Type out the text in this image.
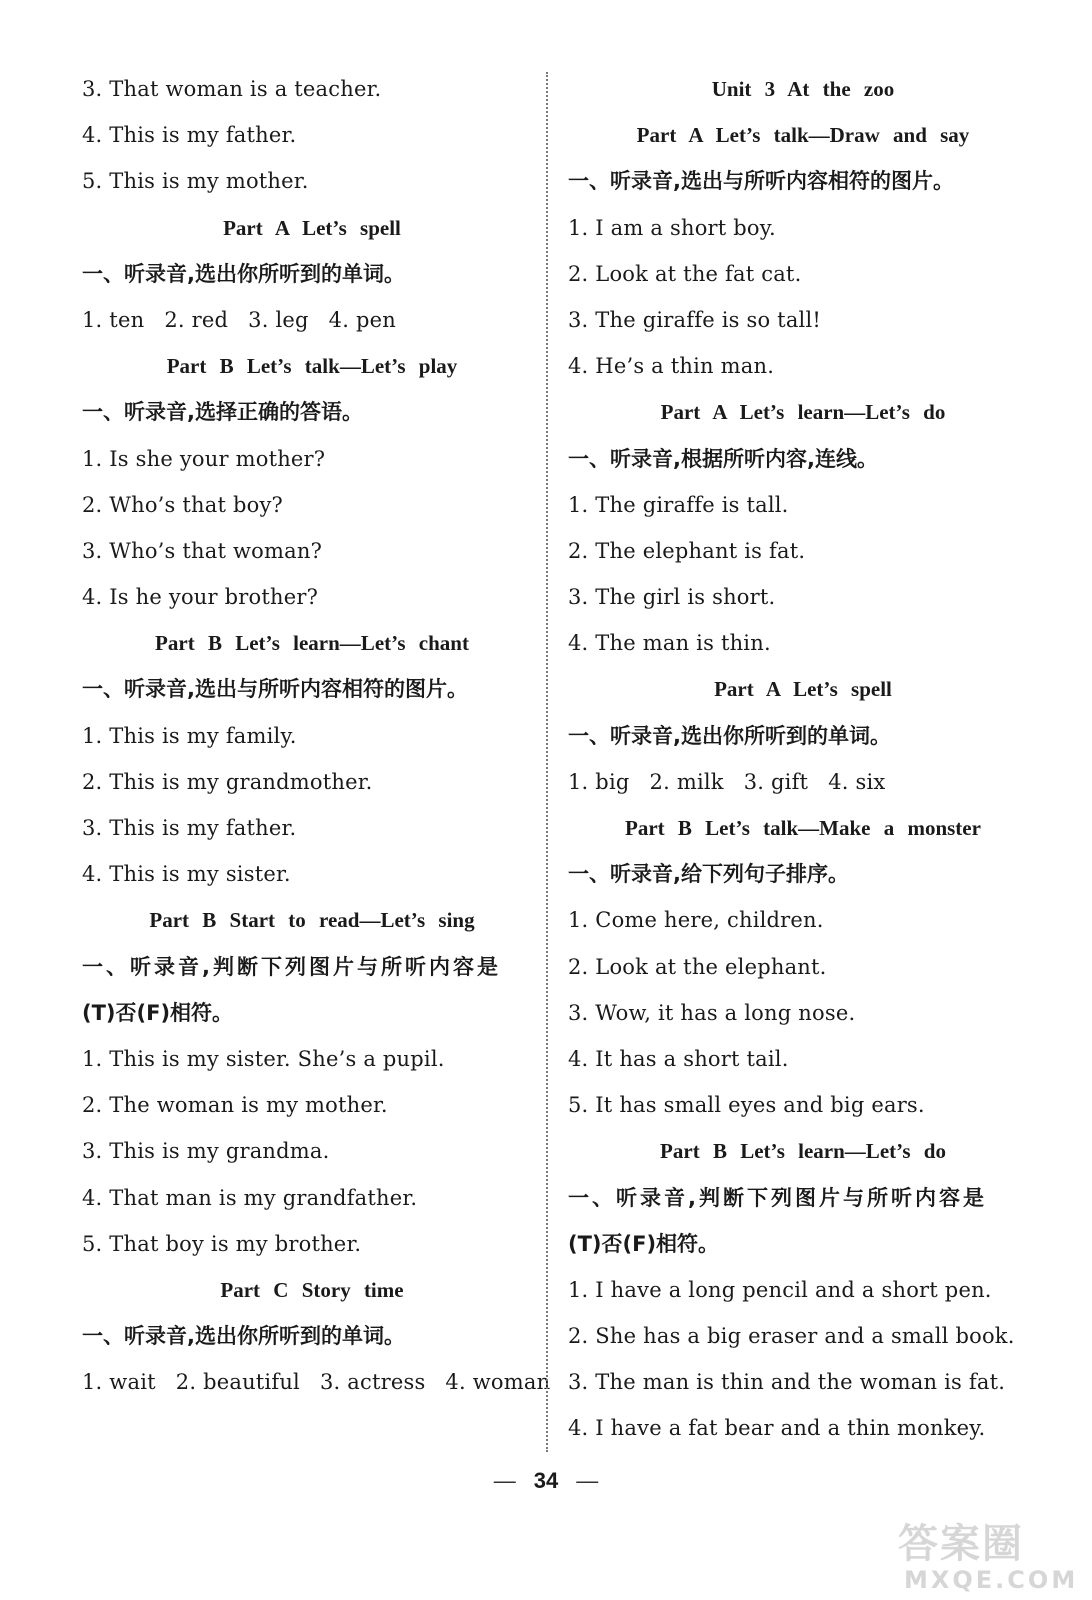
3. That woman is a teacher.
4. This is my father.
5. This is my mother.
Part A Let’s spell
一、听录音,选出你所听到的单词。
1. ten 2. red 3. leg 4. pen
Part B Let’s talk—Let’s play
一、听录音,选择正确的答语。
1. Is she your mother?
2. Who’s that boy?
3. Who’s that woman?
4. Is he your brother?
Part B Let’s learn—Let’s chant
一、听录音,选出与所听内容相符的图片。
1. This is my family.
2. This is my grandmother.
3. This is my father.
4. This is my sister.
Part B Start to read—Let’s sing
一、听录音,判断下列图片与所听内容是
(T)否(F)相符。
1. This is my sister. She’s a pupil.
2. The woman is my mother.
3. This is my grandma.
4. That man is my grandfather.
5. That boy is my brother.
Part C Story time
一、听录音,选出你所听到的单词。
1. wait 2. beautiful 3. actress 4. woman
Unit 3 At the zoo
Part A Let’s talk—Draw and say
一、听录音,选出与所听内容相符的图片。
1. I am a short boy.
2. Look at the fat cat.
3. The giraffe is so tall!
4. He’s a thin man.
Part A Let’s learn—Let’s do
一、听录音,根据所听内容,连线。
1. The giraffe is tall.
2. The elephant is fat.
3. The girl is short.
4. The man is thin.
Part A Let’s spell
一、听录音,选出你所听到的单词。
1. big 2. milk 3. gift 4. six
Part B Let’s talk—Make a monster
一、听录音,给下列句子排序。
1. Come here, children.
2. Look at the elephant.
3. Wow, it has a long nose.
4. It has a short tail.
5. It has small eyes and big ears.
Part B Let’s learn—Let’s do
一、听录音,判断下列图片与所听内容是
(T)否(F)相符。
1. I have a long pencil and a short pen.
2. She has a big eraser and a small book.
3. The man is thin and the woman is fat.
4. I have a fat bear and a thin monkey.
— 34 —
答案圈
MXQE.COM
